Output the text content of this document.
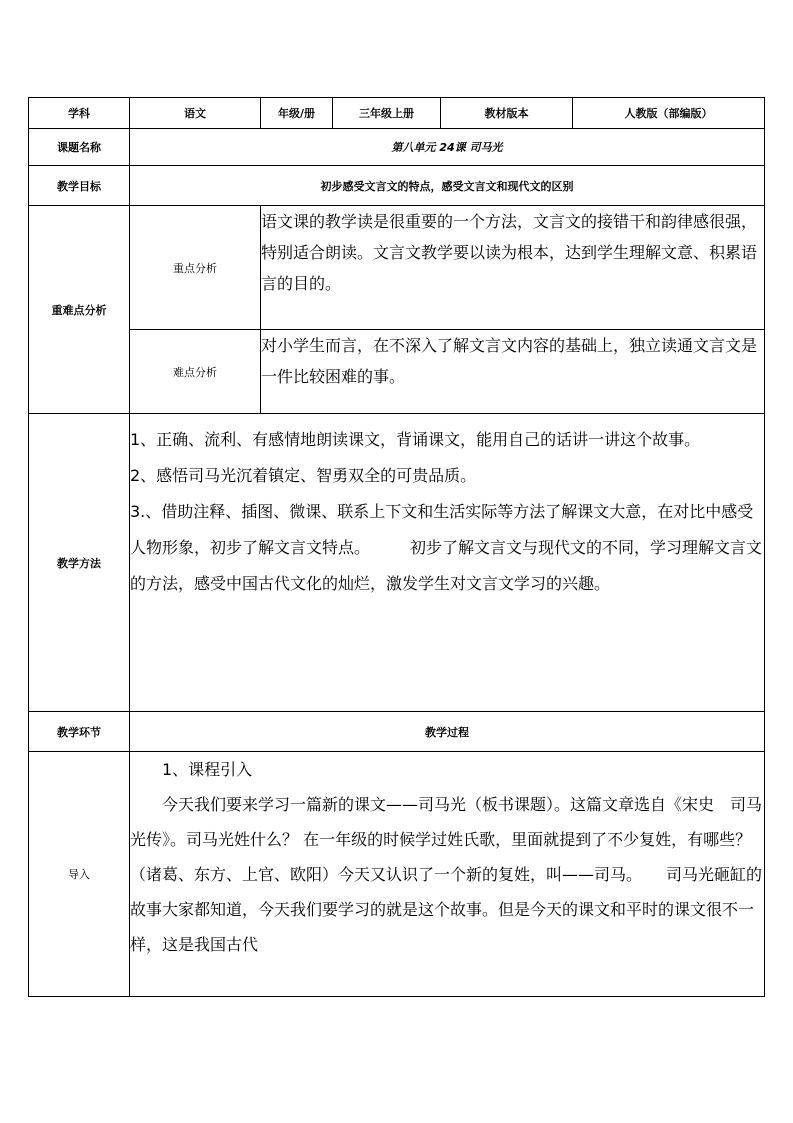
学科	语文	年级/册	三年级上册	教材版本	人教版（部编版）
课题名称	第八单元 24课 司马光				
教学目标	初步感受文言文的特点，感受文言文和现代文的区别				
重难点分析	重点分析	语文课的教学读是很重要的一个方法，文言文的接错干和韵律感很强，特别适合朗读。文言文教学要以读为根本，达到学生理解文意、积累语言的目的。			
	难点分析	对小学生而言，在不深入了解文言文内容的基础上，独立读通文言文是一件比较困难的事。			
教学方法	1、正确、流利、有感情地朗读课文，背诵课文，能用自己的话讲一讲这个故事。

2、感悟司马光沉着镇定、智勇双全的可贵品质。

3.、借助注释、插图、微课、联系上下文和生活实际等方法了解课文大意，在对比中感受人物形象，初步了解文言文特点。 初步了解文言文与现代文的不同，学习理解文言文的方法，感受中国古代文化的灿烂，激发学生对文言文学习的兴趣。				

教学环节	教学过程				
导入	1、课程引入

今天我们要来学习一篇新的课文——司马光（板书课题）。这篇文章选自《宋史　司马光传》。司马光姓什么？ 在一年级的时候学过姓氏歌，里面就提到了不少复姓，有哪些？（诸葛、东方、上官、欧阳）今天又认识了一个新的复姓，叫——司马。 司马光砸缸的故事大家都知道，今天我们要学习的就是这个故事。但是今天的课文和平时的课文很不一样，这是我国古代				
